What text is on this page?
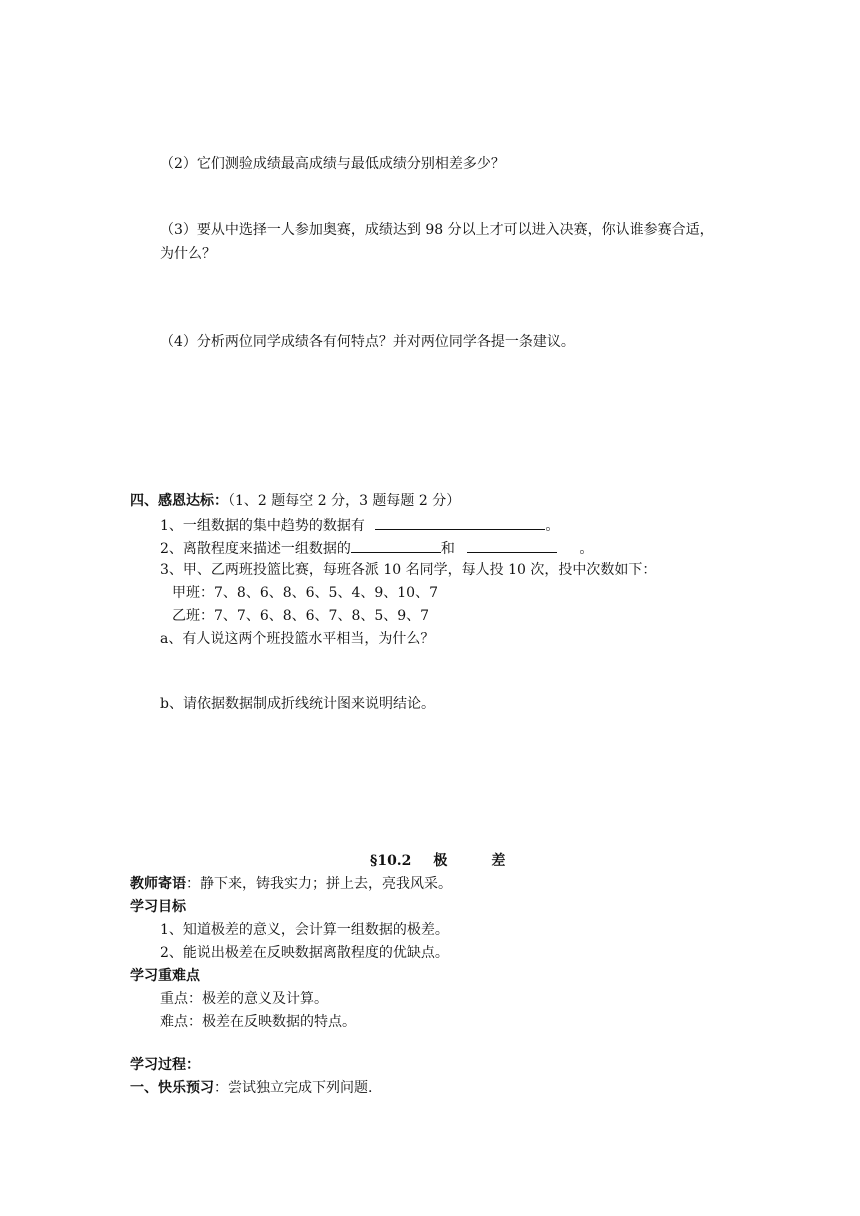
（2）它们测验成绩最高成绩与最低成绩分别相差多少？
（3）要从中选择一人参加奥赛，成绩达到 98 分以上才可以进入决赛，你认谁参赛合适，
为什么？
（4）分析两位同学成绩各有何特点？并对两位同学各提一条建议。
四、感恩达标：（1、2 题每空 2 分，3 题每题 2 分）
1、一组数据的集中趋势的数据有	。
2、离散程度来描述一组数据的	和	。
3、甲、乙两班投篮比赛，每班各派 10 名同学，每人投 10 次，投中次数如下：
甲班：7、8、6、8、6、5、4、9、10、7
乙班：7、7、6、8、6、7、8、5、9、7
a、有人说这两个班投篮水平相当，为什么？
b、请依据数据制成折线统计图来说明结论。
§10.2 极	差
教师寄语：静下来，铸我实力；拼上去，亮我风采。
学习目标
1、知道极差的意义，会计算一组数据的极差。
2、能说出极差在反映数据离散程度的优缺点。
学习重难点
重点：极差的意义及计算。
难点：极差在反映数据的特点。
学习过程：
一、快乐预习：尝试独立完成下列问题.
